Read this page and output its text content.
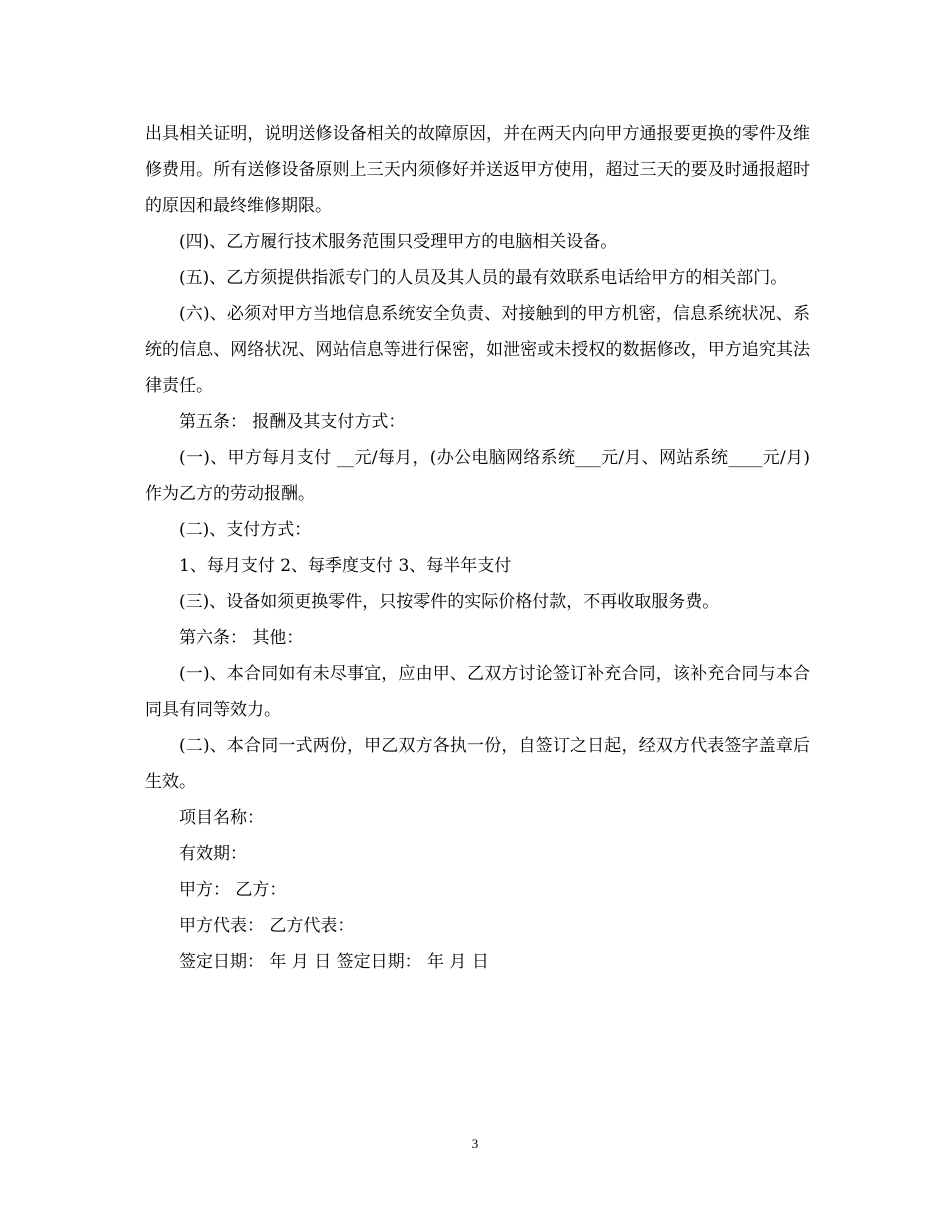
出具相关证明，说明送修设备相关的故障原因，并在两天内向甲方通报要更换的零件及维修费用。所有送修设备原则上三天内须修好并送返甲方使用，超过三天的要及时通报超时的原因和最终维修期限。

(四)、乙方履行技术服务范围只受理甲方的电脑相关设备。

(五)、乙方须提供指派专门的人员及其人员的最有效联系电话给甲方的相关部门。

(六)、必须对甲方当地信息系统安全负责、对接触到的甲方机密，信息系统状况、系统的信息、网络状况、网站信息等进行保密，如泄密或未授权的数据修改，甲方追究其法律责任。

第五条： 报酬及其支付方式：

(一)、甲方每月支付 __元/每月，(办公电脑网络系统___元/月、网站系统____元/月)作为乙方的劳动报酬。

(二)、支付方式：

1、每月支付 2、每季度支付 3、每半年支付

(三)、设备如须更换零件，只按零件的实际价格付款，不再收取服务费。

第六条： 其他：

(一)、本合同如有未尽事宜，应由甲、乙双方讨论签订补充合同，该补充合同与本合同具有同等效力。

(二)、本合同一式两份，甲乙双方各执一份，自签订之日起，经双方代表签字盖章后生效。

项目名称：

有效期：

甲方： 乙方：

甲方代表： 乙方代表：

签定日期： 年 月 日 签定日期： 年 月 日

3
